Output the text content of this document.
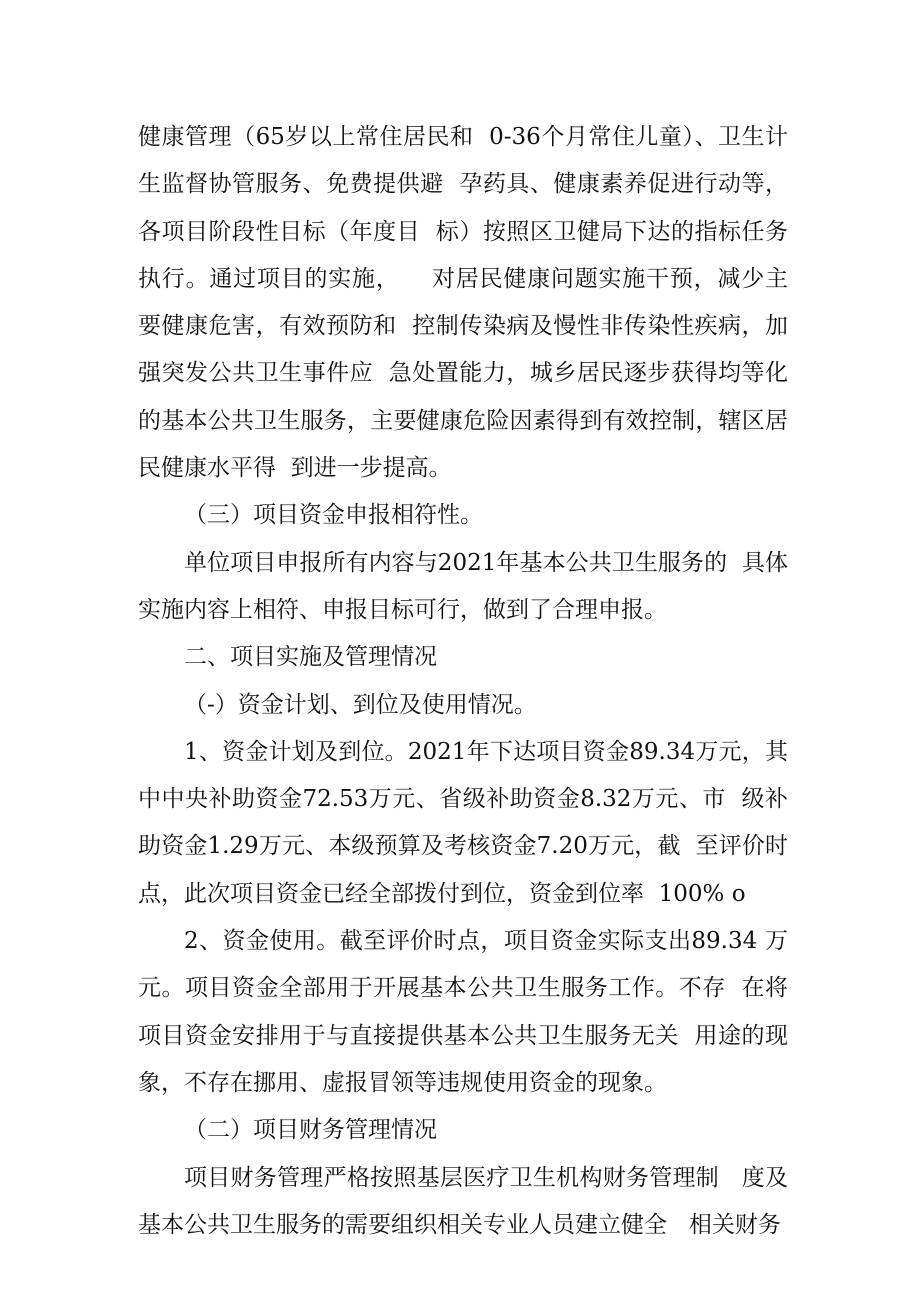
健康管理（65岁以上常住居民和  0-36个月常住儿童）、卫生计生监督协管服务、免费提供避  孕药具、健康素养促进行动等，各项目阶段性目标（年度目  标）按照区卫健局下达的指标任务执行。通过项目的实施，    对居民健康问题实施干预，减少主要健康危害，有效预防和  控制传染病及慢性非传染性疾病，加强突发公共卫生事件应  急处置能力，城乡居民逐步获得均等化的基本公共卫生服务，主要健康危险因素得到有效控制，辖区居民健康水平得  到进一步提高。

（三）项目资金申报相符性。

单位项目申报所有内容与2021年基本公共卫生服务的  具体实施内容上相符、申报目标可行，做到了合理申报。

二、项目实施及管理情况

（-）资金计划、到位及使用情况。

1、资金计划及到位。2021年下达项目资金89.34万元，其中中央补助资金72.53万元、省级补助资金8.32万元、市  级补助资金1.29万元、本级预算及考核资金7.20万元，截  至评价时点，此次项目资金已经全部拨付到位，资金到位率  100% o

2、资金使用。截至评价时点，项目资金实际支出89.34 万元。项目资金全部用于开展基本公共卫生服务工作。不存  在将项目资金安排用于与直接提供基本公共卫生服务无关  用途的现象，不存在挪用、虚报冒领等违规使用资金的现象。

（二）项目财务管理情况

项目财务管理严格按照基层医疗卫生机构财务管理制   度及基本公共卫生服务的需要组织相关专业人员建立健全   相关财务
